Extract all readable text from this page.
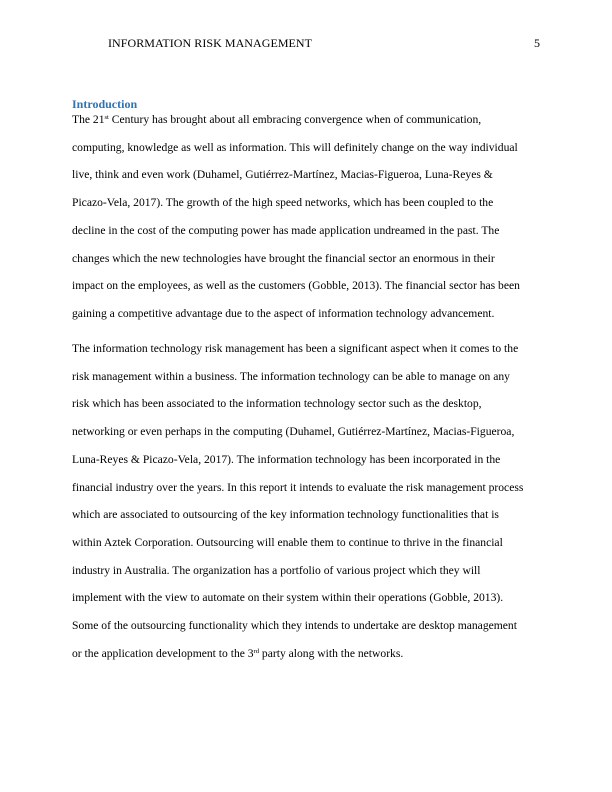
INFORMATION RISK MANAGEMENT	5
Introduction

The 21st Century has brought about all embracing convergence when of communication,
computing, knowledge as well as information. This will definitely change on the way individual
live, think and even work (Duhamel, Gutiérrez-Martínez, Macias-Figueroa, Luna-Reyes &
Picazo-Vela, 2017). The growth of the high speed networks, which has been coupled to the
decline in the cost of the computing power has made application undreamed in the past. The
changes which the new technologies have brought the financial sector an enormous in their
impact on the employees, as well as the customers (Gobble, 2013). The financial sector has been
gaining a competitive advantage due to the aspect of information technology advancement.

The information technology risk management has been a significant aspect when it comes to the
risk management within a business. The information technology can be able to manage on any
risk which has been associated to the information technology sector such as the desktop,
networking or even perhaps in the computing (Duhamel, Gutiérrez-Martínez, Macias-Figueroa,
Luna-Reyes & Picazo-Vela, 2017). The information technology has been incorporated in the
financial industry over the years. In this report it intends to evaluate the risk management process
which are associated to outsourcing of the key information technology functionalities that is
within Aztek Corporation. Outsourcing will enable them to continue to thrive in the financial
industry in Australia. The organization has a portfolio of various project which they will
implement with the view to automate on their system within their operations (Gobble, 2013).
Some of the outsourcing functionality which they intends to undertake are desktop management
or the application development to the 3rd party along with the networks.
